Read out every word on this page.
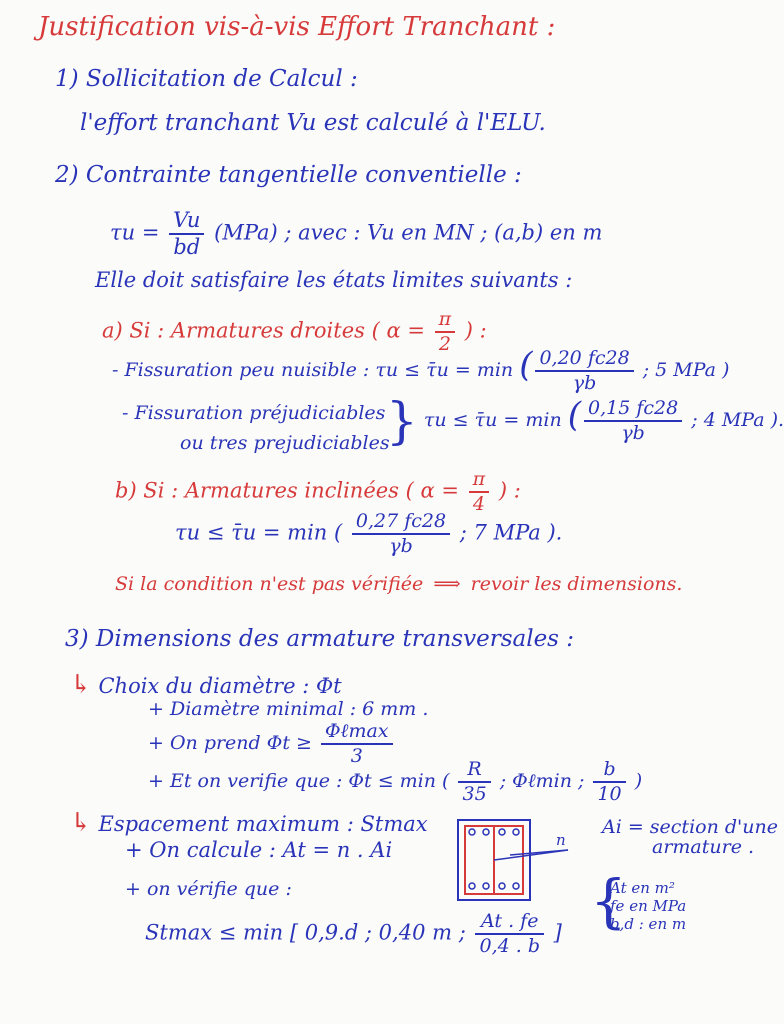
Justification vis-à-vis Effort Tranchant :
1) Sollicitation de Calcul :
l'effort tranchant Vu est calculé à l'ELU.
2) Contrainte tangentielle conventielle :
$\tau u = \frac{Vu}{bd} (MPa)$ ; avec : Vu en MN ; (a,b) en m
Elle doit satisfaire les états limites suivants :
a) Si : Armatures droites ( $\alpha = \frac{\pi}{2}$ ) :
- Fissuration peu nuisible : τu ≤ τ̄u = min ( $\frac{0,20 fc28}{\gamma b}$ ; 5 MPa )
- Fissuration préjudiciables
ou tres prejudiciables
} τu ≤ τ̄u = min ( $\frac{0,15 fc28}{\gamma b}$ ; 4 MPa ).
b) Si : Armatures inclinées ( $\alpha = \frac{\pi}{4}$ ) :
τu ≤ τ̄u = min ( $\frac{0,27 fc28}{\gamma b}$ ; 7 MPa ).
Si la condition n'est pas vérifiée ⟹ revoir les dimensions.
3) Dimensions des armature transversales :
↳ Choix du diamètre : Φt
+ Diamètre minimal : 6 mm .
+ On prend $\Phi t \ge \frac{\text{Φℓmax}}{3}$
+ Et on verifie que : Φt ≤ min ( $\frac{R}{35}$ ; Φℓmin ; $\frac{b}{10}$ )
↳ Espacement maximum : Stmax
+ On calcule : At = n . Ai
+ on vérifie que :
Stmax ≤ min [ 0,9.d ; 0,40 m ; $\frac{At . fe}{0,4 . b}$ ]
n
Ai = section d'une
armature .
{
At en m²
fe en MPa
b,d : en m
